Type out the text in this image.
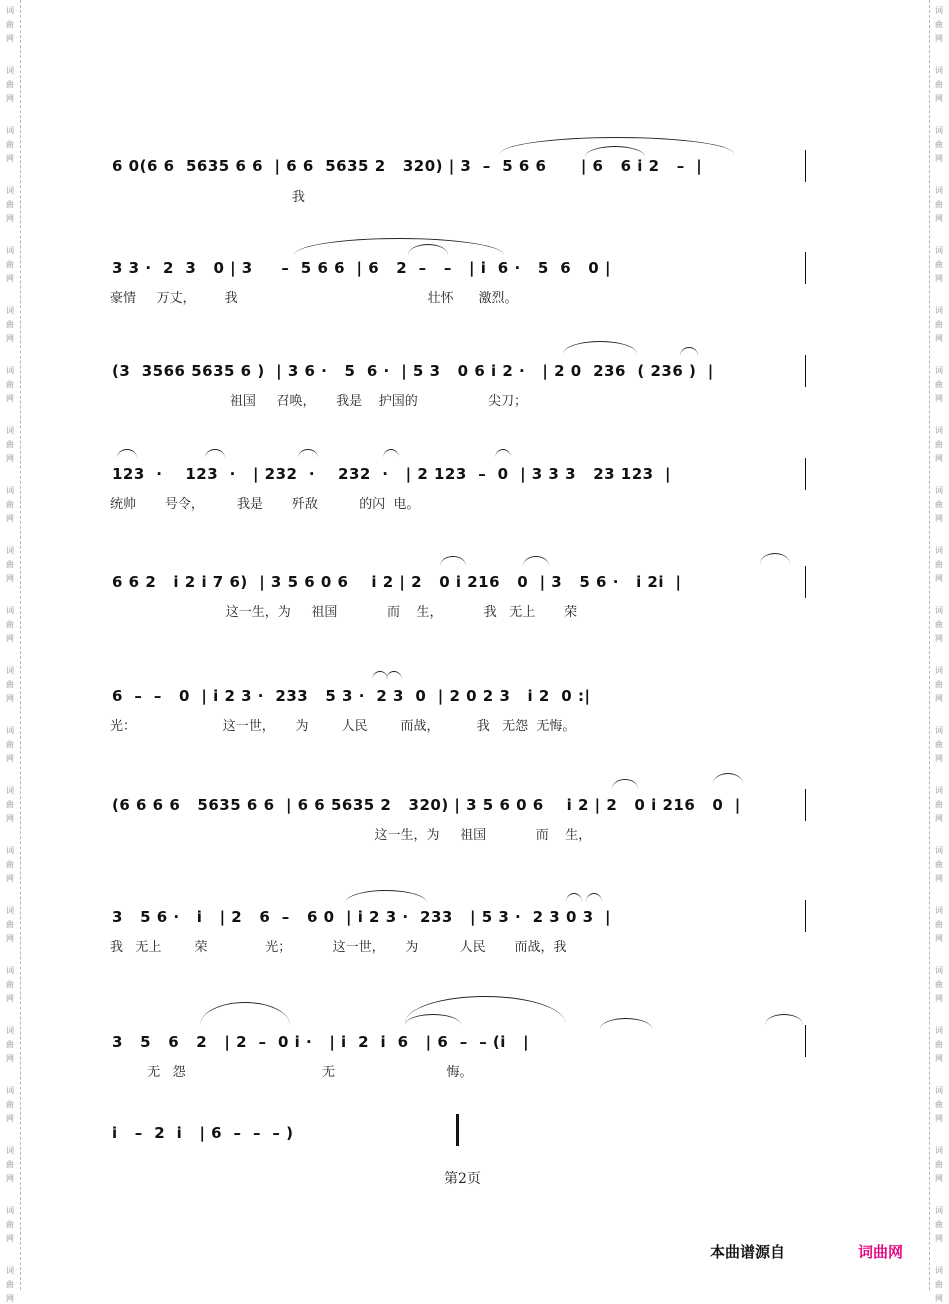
词
曲
网
词
曲
网
词
曲
网
词
曲
网
词
曲
网
词
曲
网
词
曲
网
词
曲
网
词
曲
网
词
曲
网
词
曲
网
词
曲
网
词
曲
网
词
曲
网
词
曲
网
词
曲
网
词
曲
网
词
曲
网
词
曲
网
词
曲
网
词
曲
网
词
曲
网
词
曲
网
词
曲
网
词
曲
网
词
曲
网
词
曲
网
词
曲
网
词
曲
网
词
曲
网
词
曲
网
词
曲
网
词
曲
网
词
曲
网
词
曲
网
词
曲
网
词
曲
网
词
曲
网
词
曲
网
词
曲
网
词
曲
网
词
曲
网
词
曲
网
词
曲
网
6 0(6 6  5635 6 6  | 6 6  5635 2   320) | 3  –  5 6 6      | 6   6 i 2   –  |
我
3 3 ·  2  3   0 | 3     –  5 6 6  | 6   2  –   –   | i  6 ·   5  6   0 |
豪情     万丈，       我                                              壮怀      激烈。
(3  3566 5635 6 )  | 3 6 ·   5  6 ·  | 5 3   0 6 i 2 ·   | 2 0  236  ( 236 )  |
祖国     召唤，     我是    护国的                 尖刀；
123  ·    123  ·   | 232  ·    232  ·   | 2 123  –  0  | 3 3 3   23 123  |
统帅       号令，        我是       歼敌          的闪  电。
6 6 2   i 2 i 7 6)  | 3 5 6 0 6    i 2 | 2   0 i 216   0  | 3   5 6 ·   i 2i  |
这一生，为     祖国            而    生，          我   无上       荣
6  –  –   0  | i 2 3 ·  233   5 3 ·  2 3  0  | 2 0 2 3   i 2  0 :|
光：                     这一世，     为        人民        而战，         我   无怨  无悔。
(6 6 6 6   5635 6 6  | 6 6 5635 2   320) | 3 5 6 0 6    i 2 | 2   0 i 216   0  |
这一生，为     祖国            而    生，
3   5 6 ·   i   | 2   6  –   6 0  | i 2 3 ·  233   | 5 3 ·  2 3 0 3  |
我   无上        荣              光；          这一世，     为          人民       而战，我
3   5   6   2   | 2  –  0 i ·   | i  2  i  6   | 6  –  – (i   |
无   怨                                 无                           悔。
i   –  2  i   | 6  –  –  – )
第2页
本曲谱源自	词曲网
